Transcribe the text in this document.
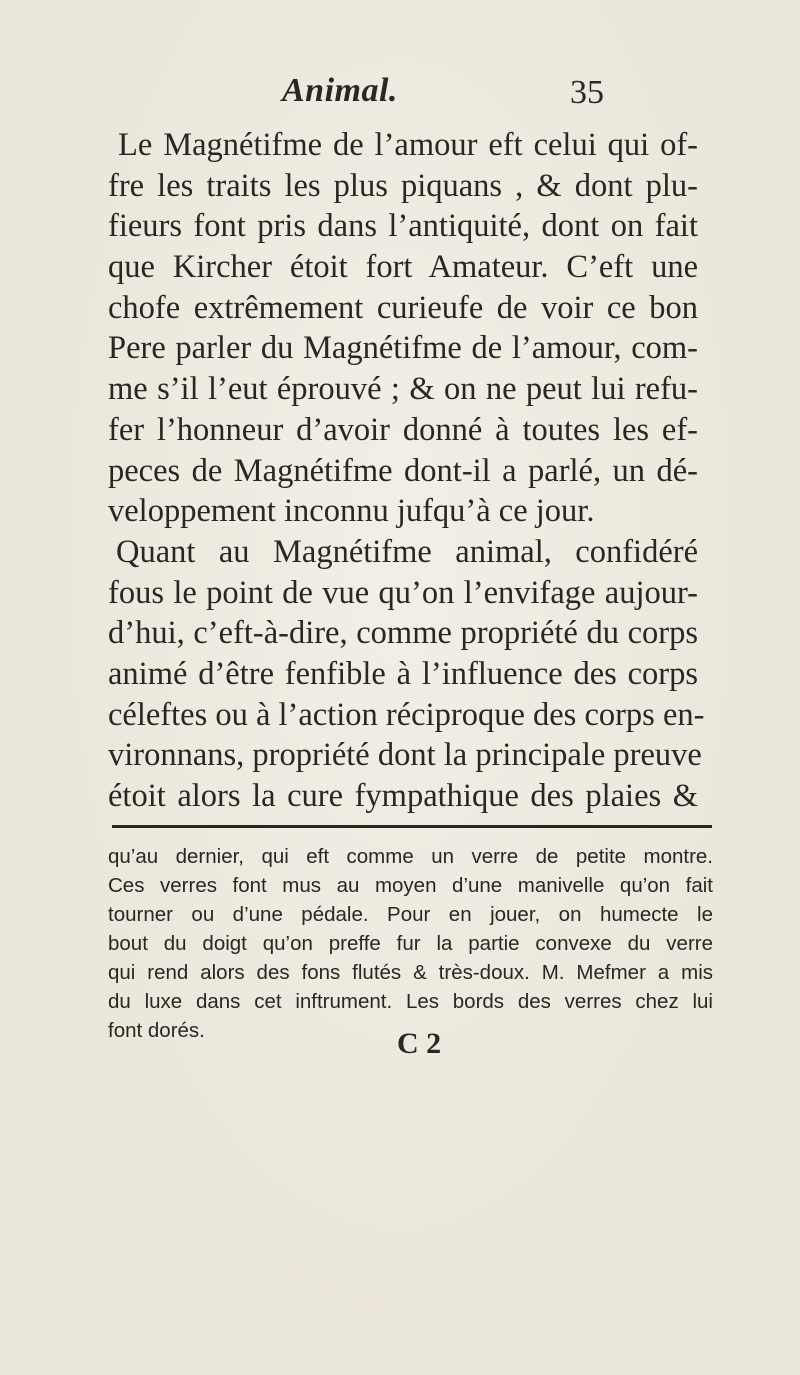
Animal.	35
Le Magnétifme de l’amour eft celui qui of-
fre les traits les plus piquans , & dont plu-
fieurs font pris dans l’antiquité, dont on fait
que Kircher étoit fort Amateur. C’eft une
chofe extrêmement curieufe de voir ce bon
Pere parler du Magnétifme de l’amour, com-
me s’il l’eut éprouvé ; & on ne peut lui refu-
fer l’honneur d’avoir donné à toutes les ef-
peces de Magnétifme dont-il a parlé, un dé-
veloppement inconnu jufqu’à ce jour.
Quant au Magnétifme animal, confidéré
fous le point de vue qu’on l’envifage aujour-
d’hui, c’eft-à-dire, comme propriété du corps
animé d’être fenfible à l’influence des corps
céleftes ou à l’action réciproque des corps en-
vironnans, propriété dont la principale preuve
étoit alors la cure fympathique des plaies &
qu’au dernier, qui eft comme un verre de petite montre.
Ces verres font mus au moyen d’une manivelle qu’on fait
tourner ou d’une pédale. Pour en jouer, on humecte le
bout du doigt qu’on preffe fur la partie convexe du verre
qui rend alors des fons flutés & très-doux. M. Mefmer a mis
du luxe dans cet inftrument. Les bords des verres chez lui
font dorés.	C 2
